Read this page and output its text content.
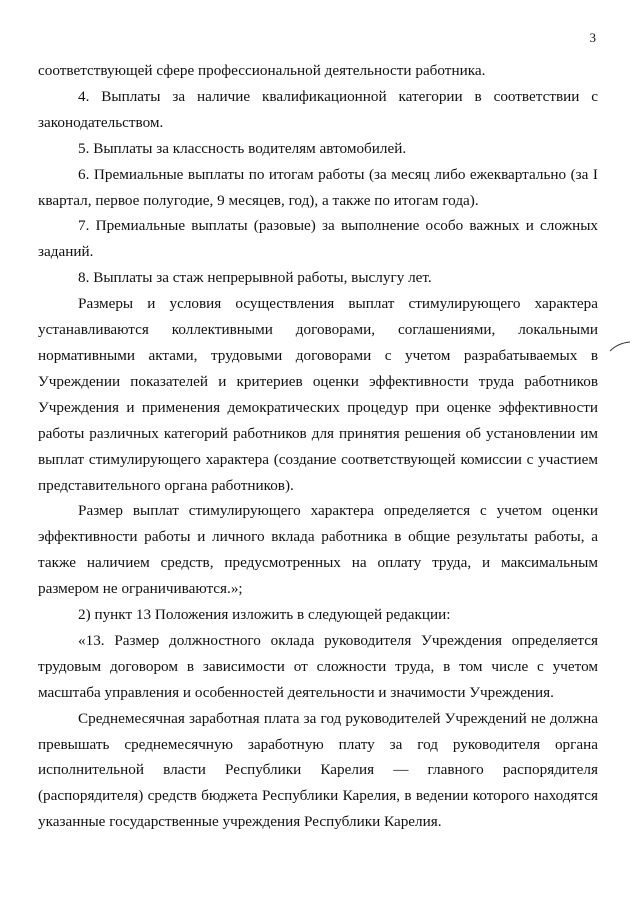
3

соответствующей сфере профессиональной деятельности работника.

4. Выплаты за наличие квалификационной категории в соответствии с законодательством.

5. Выплаты за классность водителям автомобилей.

6. Премиальные выплаты по итогам работы (за месяц либо ежеквартально (за I квартал, первое полугодие, 9 месяцев, год), а также по итогам года).

7. Премиальные выплаты (разовые) за выполнение особо важных и сложных заданий.

8. Выплаты за стаж непрерывной работы, выслугу лет.

Размеры и условия осуществления выплат стимулирующего характера устанавливаются коллективными договорами, соглашениями, локальными нормативными актами, трудовыми договорами с учетом разрабатываемых в Учреждении показателей и критериев оценки эффективности труда работников Учреждения и применения демократических процедур при оценке эффективности работы различных категорий работников для принятия решения об установлении им выплат стимулирующего характера (создание соответствующей комиссии с участием представительного органа работников).

Размер выплат стимулирующего характера определяется с учетом оценки эффективности работы и личного вклада работника в общие результаты работы, а также наличием средств, предусмотренных на оплату труда, и максимальным размером не ограничиваются.»;

2) пункт 13 Положения изложить в следующей редакции:

«13. Размер должностного оклада руководителя Учреждения определяется трудовым договором в зависимости от сложности труда, в том числе с учетом масштаба управления и особенностей деятельности и значимости Учреждения.

Среднемесячная заработная плата за год руководителей Учреждений не должна превышать среднемесячную заработную плату за год руководителя органа исполнительной власти Республики Карелия — главного распорядителя (распорядителя) средств бюджета Республики Карелия, в ведении которого находятся указанные государственные учреждения Республики Карелия.
